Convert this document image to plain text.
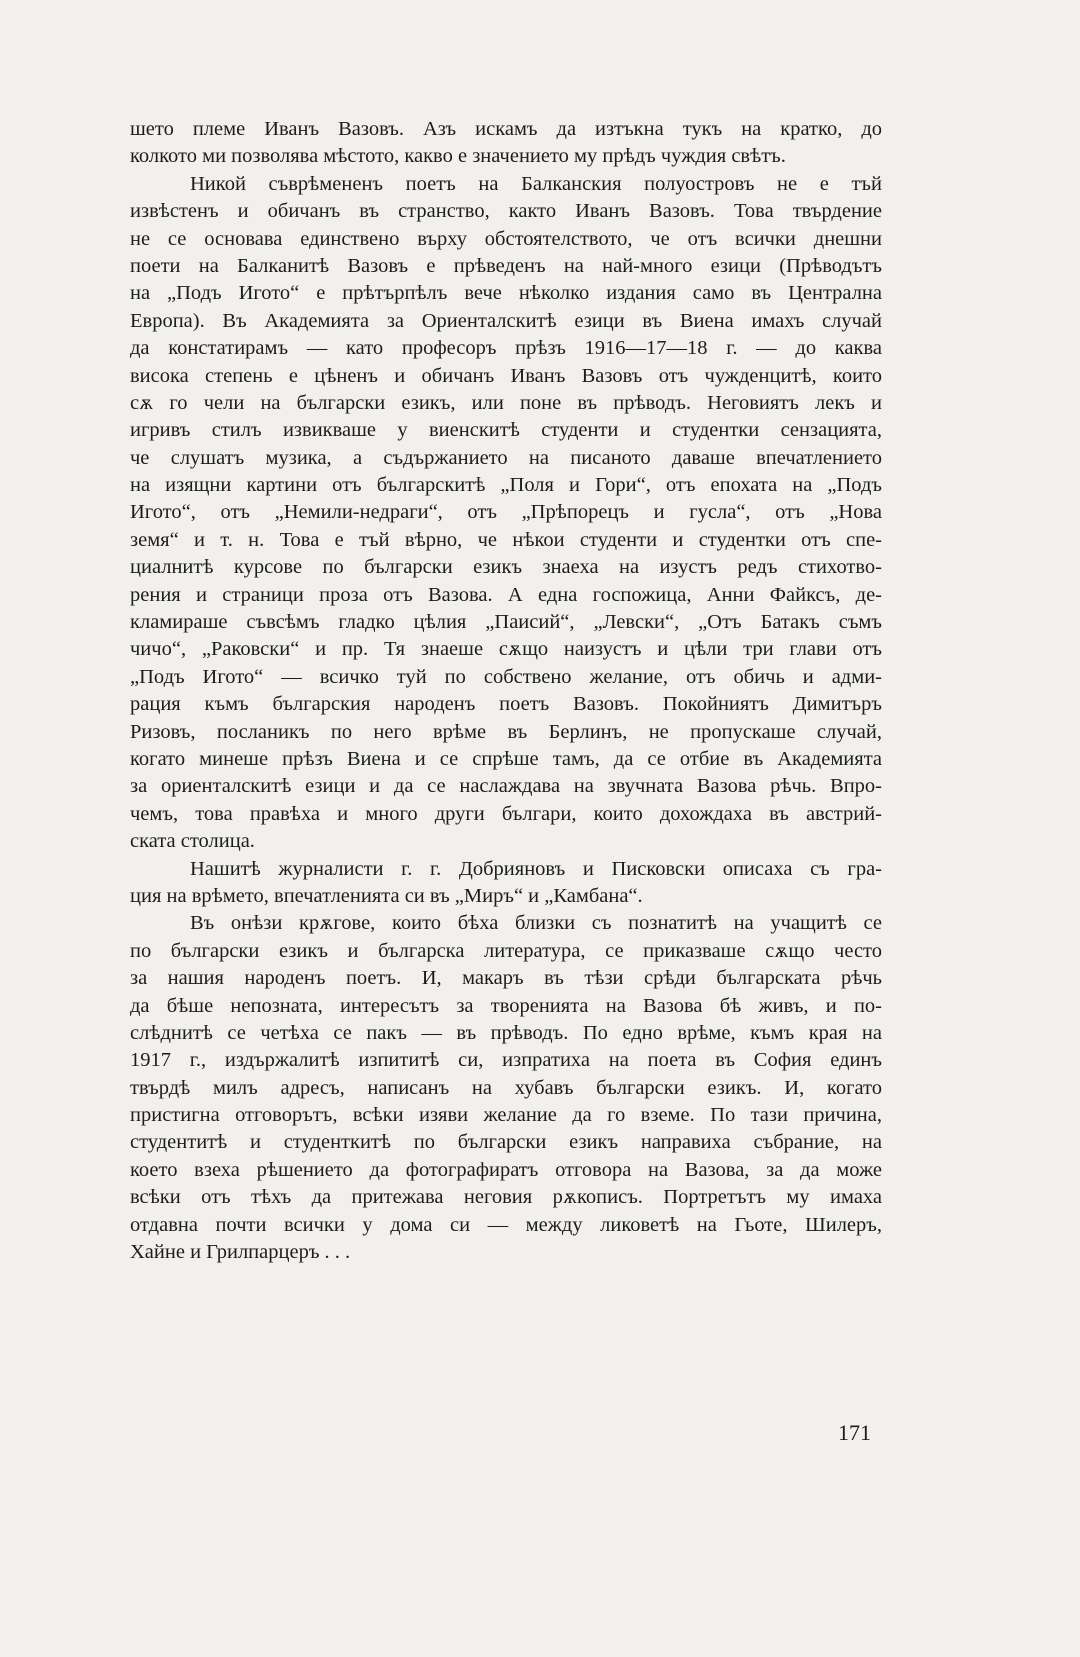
шето племе Иванъ Вазовъ. Азъ искамъ да изтъкна тукъ на кратко, до
колкото ми позволява мѣстото, какво е значението му прѣдъ чуждия свѣтъ.
Никой съврѣмененъ поетъ на Балканския полуостровъ не е тъй
извѣстенъ и обичанъ въ странство, както Иванъ Вазовъ. Това твърдение
не се основава единствено върху обстоятелството, че отъ всички днешни
поети на Балканитѣ Вазовъ е прѣведенъ на най-много езици (Прѣводътъ
на „Подъ Игото“ е прѣтърпѣлъ вече нѣколко издания само въ Централна
Европа). Въ Академията за Ориенталскитѣ езици въ Виена имахъ случай
да констатирамъ — като професоръ прѣзъ 1916—17—18 г. — до каква
висока степень е цѣненъ и обичанъ Иванъ Вазовъ отъ чужденцитѣ, които
сѫ го чели на български езикъ, или поне въ прѣводъ. Неговиятъ лекъ и
игривъ стилъ извикваше у виенскитѣ студенти и студентки сензацията,
че слушатъ музика, а съдържанието на писаното даваше впечатлението
на изящни картини отъ българскитѣ „Поля и Гори“, отъ епохата на „Подъ
Игото“, отъ „Немили-недраги“, отъ „Прѣпорецъ и гусла“, отъ „Нова
земя“ и т. н. Това е тъй вѣрно, че нѣкои студенти и студентки отъ спе-
циалнитѣ курсове по български езикъ знаеха на изустъ редъ стихотво-
рения и страници проза отъ Вазова. А една госпожица, Анни Файксъ, де-
кламираше съвсѣмъ гладко цѣлия „Паисий“, „Левски“, „Отъ Батакъ съмъ
чичо“, „Раковски“ и пр. Тя знаеше сѫщо наизустъ и цѣли три глави отъ
„Подъ Игото“ — всичко туй по собствено желание, отъ обичь и адми-
рация къмъ българския народенъ поетъ Вазовъ. Покойниятъ Димитъръ
Ризовъ, посланикъ по него врѣме въ Берлинъ, не пропускаше случай,
когато минеше прѣзъ Виена и се спрѣше тамъ, да се отбие въ Академията
за ориенталскитѣ езици и да се наслаждава на звучната Вазова рѣчь. Впро-
чемъ, това правѣха и много други българи, които дохождаха въ австрий-
ската столица.
Нашитѣ журналисти г. г. Добрияновъ и Писковски описаха съ гра-
ция на врѣмето, впечатленията си въ „Миръ“ и „Камбана“.
Въ онѣзи крѫгове, които бѣха близки съ познатитѣ на учащитѣ се
по български езикъ и българска литература, се приказваше сѫщо често
за нашия народенъ поетъ. И, макаръ въ тѣзи срѣди българската рѣчь
да бѣше непозната, интересътъ за творенията на Вазова бѣ живъ, и по-
слѣднитѣ се четѣха се пакъ — въ прѣводъ. По едно врѣме, къмъ края на
1917 г., издържалитѣ изпититѣ си, изпратиха на поета въ София единъ
твърдѣ милъ адресъ, написанъ на хубавъ български езикъ. И, когато
пристигна отговорътъ, всѣки изяви желание да го вземе. По тази причина,
студентитѣ и студенткитѣ по български езикъ направиха събрание, на
което взеха рѣшението да фотографиратъ отговора на Вазова, за да може
всѣки отъ тѣхъ да притежава неговия рѫкописъ. Портретътъ му имаха
отдавна почти всички у дома си — между ликоветѣ на Гьоте, Шилеръ,
Хайне и Грилпарцеръ . . .
171
